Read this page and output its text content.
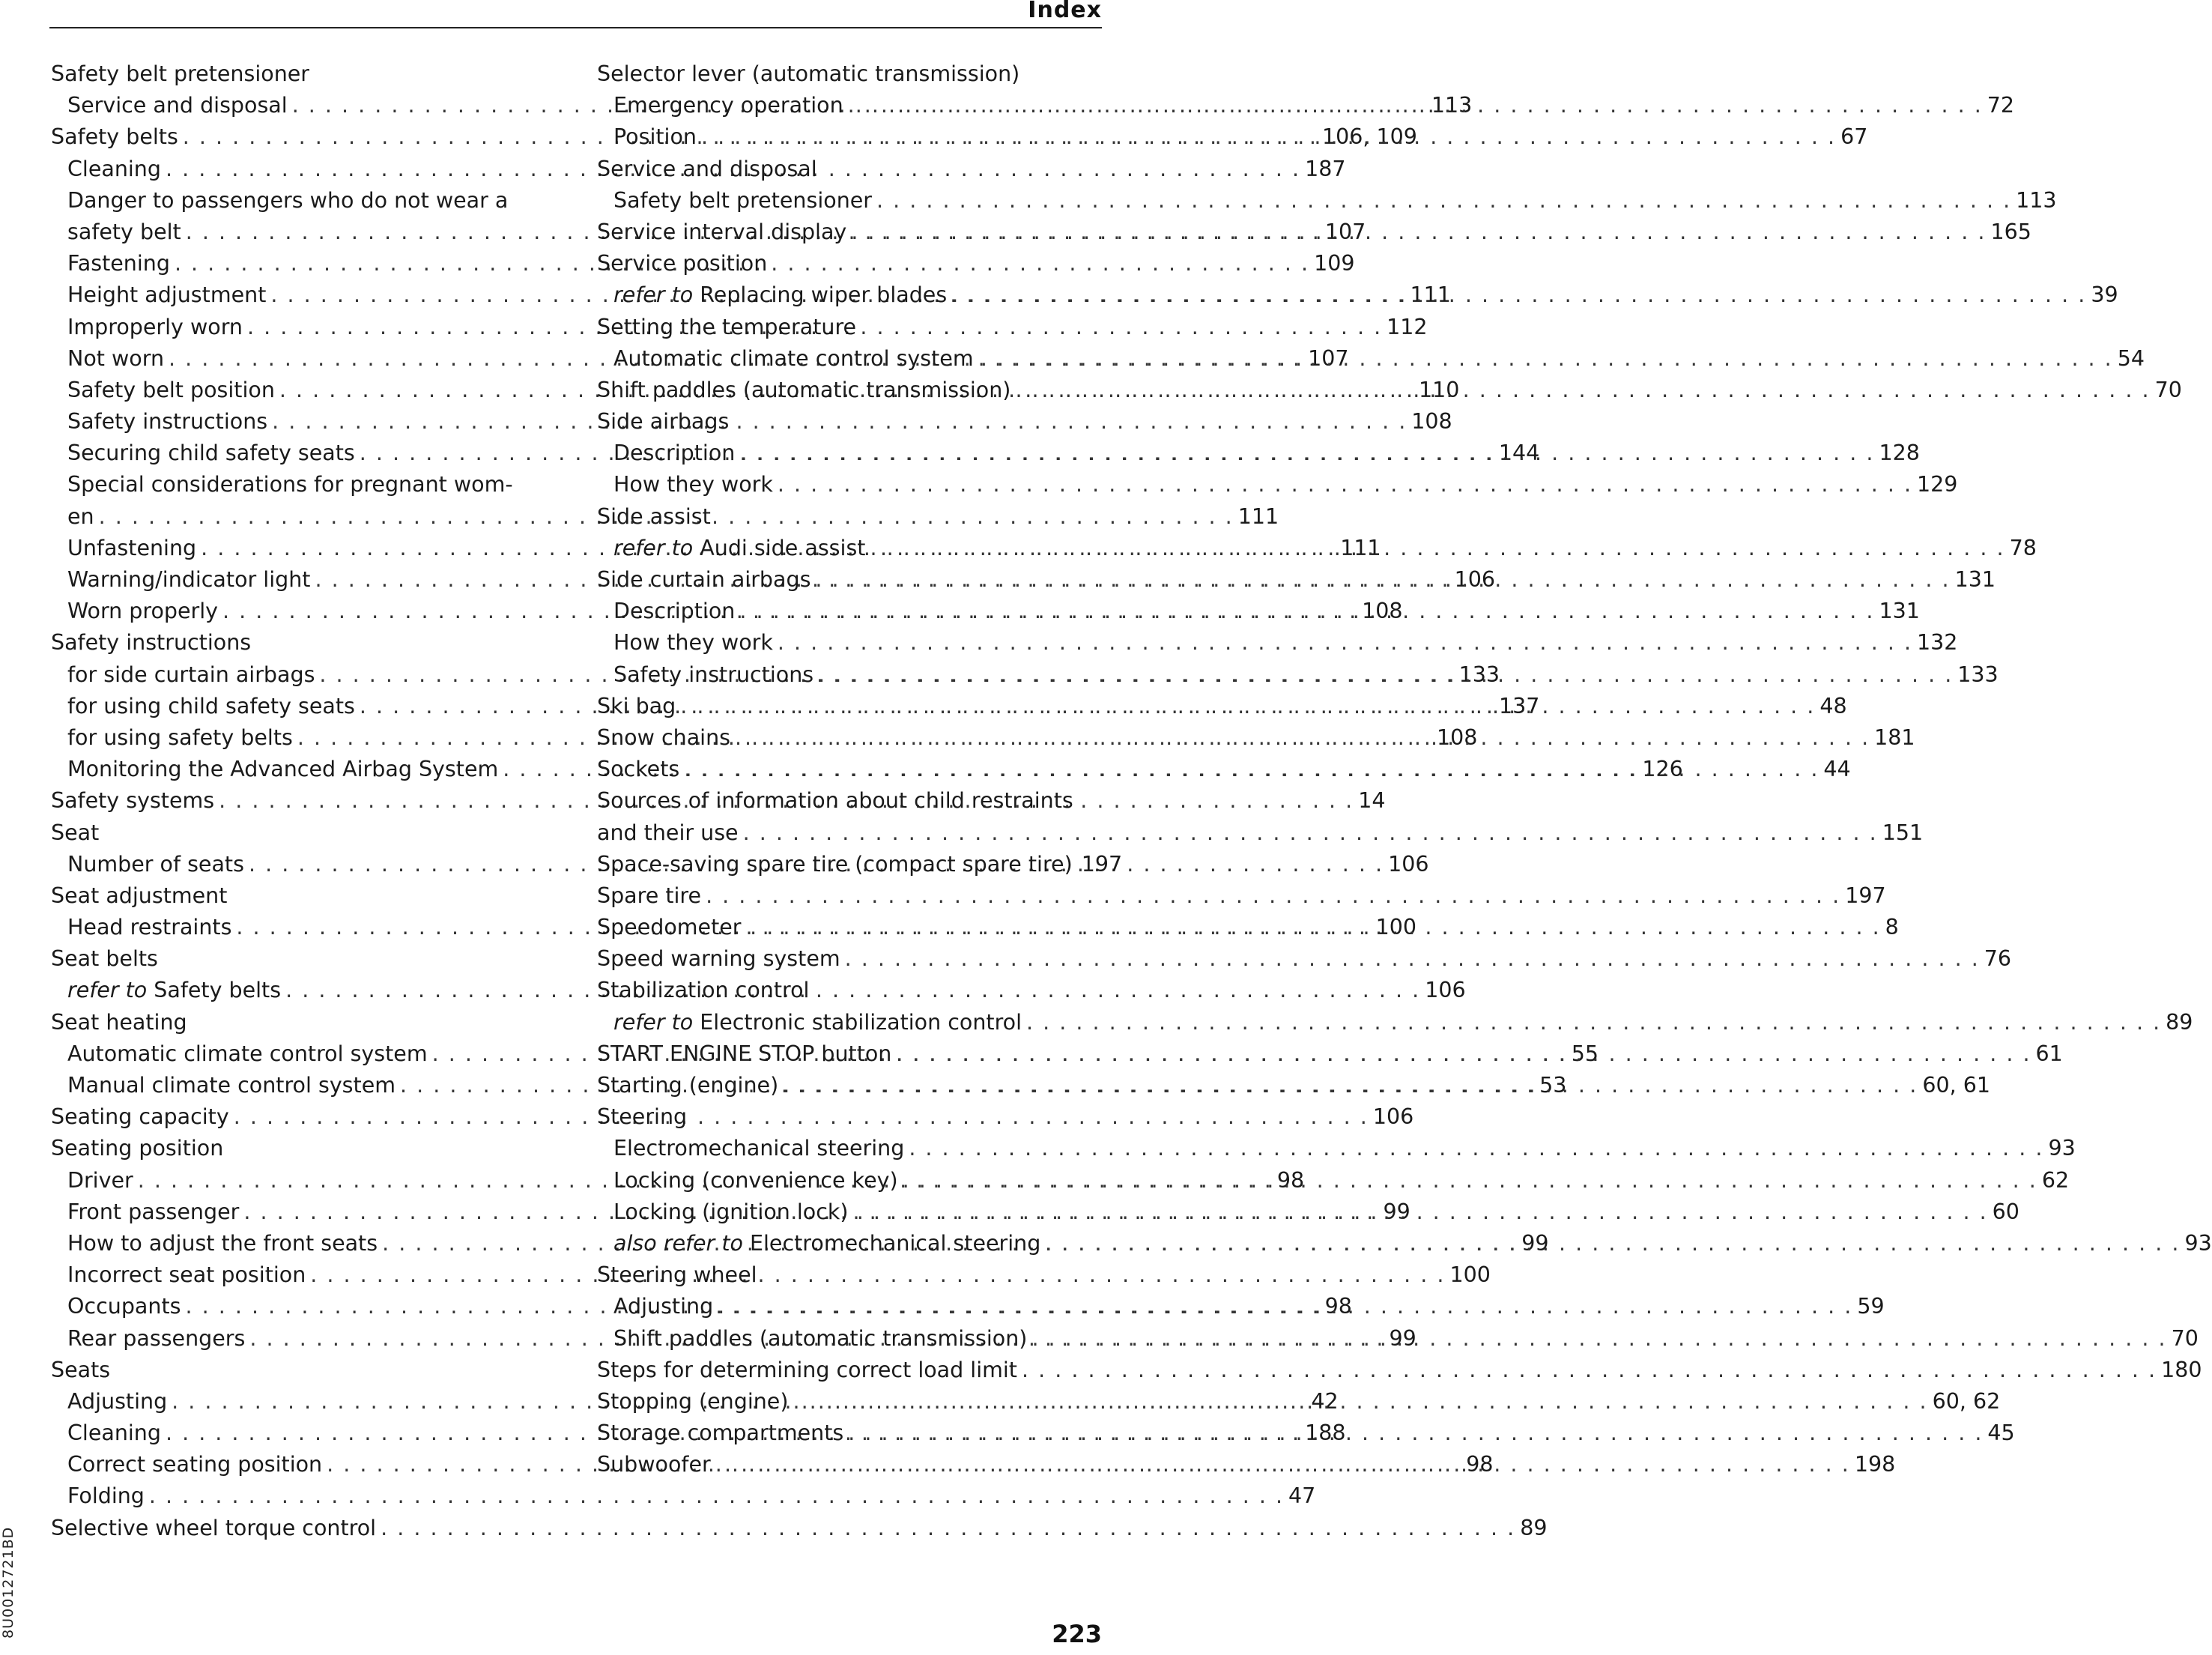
Index
Safety belt pretensioner
Service and disposal . . .	113
Safety belts . . .	106, 109
Cleaning . . .	187
Danger to passengers who do not wear a
safety belt . . .	107
Fastening . . .	109
Height adjustment . . .	111
Improperly worn . . .	112
Not worn . . .	107
Safety belt position . . .	110
Safety instructions . . .	108
Securing child safety seats . . .	144
Special considerations for pregnant wom-
en . . .	111
Unfastening . . .	111
Warning/indicator light . . .	106
Worn properly . . .	108
Safety instructions
for side curtain airbags . . .	133
for using child safety seats . . .	137
for using safety belts . . .	108
Monitoring the Advanced Airbag System . . .	126
Safety systems . . .	14
Seat
Number of seats . . .	106
Seat adjustment
Head restraints . . .	100
Seat belts
refer to Safety belts . . .	106
Seat heating
Automatic climate control system . . .	55
Manual climate control system . . .	53
Seating capacity . . .	106
Seating position
Driver . . .	98
Front passenger . . .	99
How to adjust the front seats . . .	99
Incorrect seat position . . .	100
Occupants . . .	98
Rear passengers . . .	99
Seats
Adjusting . . .	42
Cleaning . . .	188
Correct seating position . . .	98
Folding . . .	47
Selective wheel torque control . . .	89
Selector lever (automatic transmission)
Emergency operation . . .	72
Position . . .	67
Service and disposal
Safety belt pretensioner . . .	113
Service interval display . . .	165
Service position
refer to Replacing wiper blades . . .	39
Setting the temperature
Automatic climate control system . . .	54
Shift paddles (automatic transmission) . . .	70
Side airbags
Description . . .	128
How they work . . .	129
Side assist
refer to Audi side assist . . .	78
Side curtain airbags . . .	131
Description . . .	131
How they work . . .	132
Safety instructions . . .	133
Ski bag . . .	48
Snow chains . . .	181
Sockets . . .	44
Sources of information about child restraints
and their use . . .	151
Space-saving spare tire (compact spare tire) 197
Spare tire . . .	197
Speedometer . . .	8
Speed warning system . . .	76
Stabilization control
refer to Electronic stabilization control . . .	89
START ENGINE STOP button . . .	61
Starting (engine) . . .	60, 61
Steering
Electromechanical steering . . .	93
Locking (convenience key) . . .	62
Locking (ignition lock) . . .	60
also refer to Electromechanical steering . . .	93
Steering wheel
Adjusting . . .	59
Shift paddles (automatic transmission) . . .	70
Steps for determining correct load limit . . .	180
Stopping (engine) . . .	60, 62
Storage compartments . . .	45
Subwoofer . . .	198
8U0012721BD	223
